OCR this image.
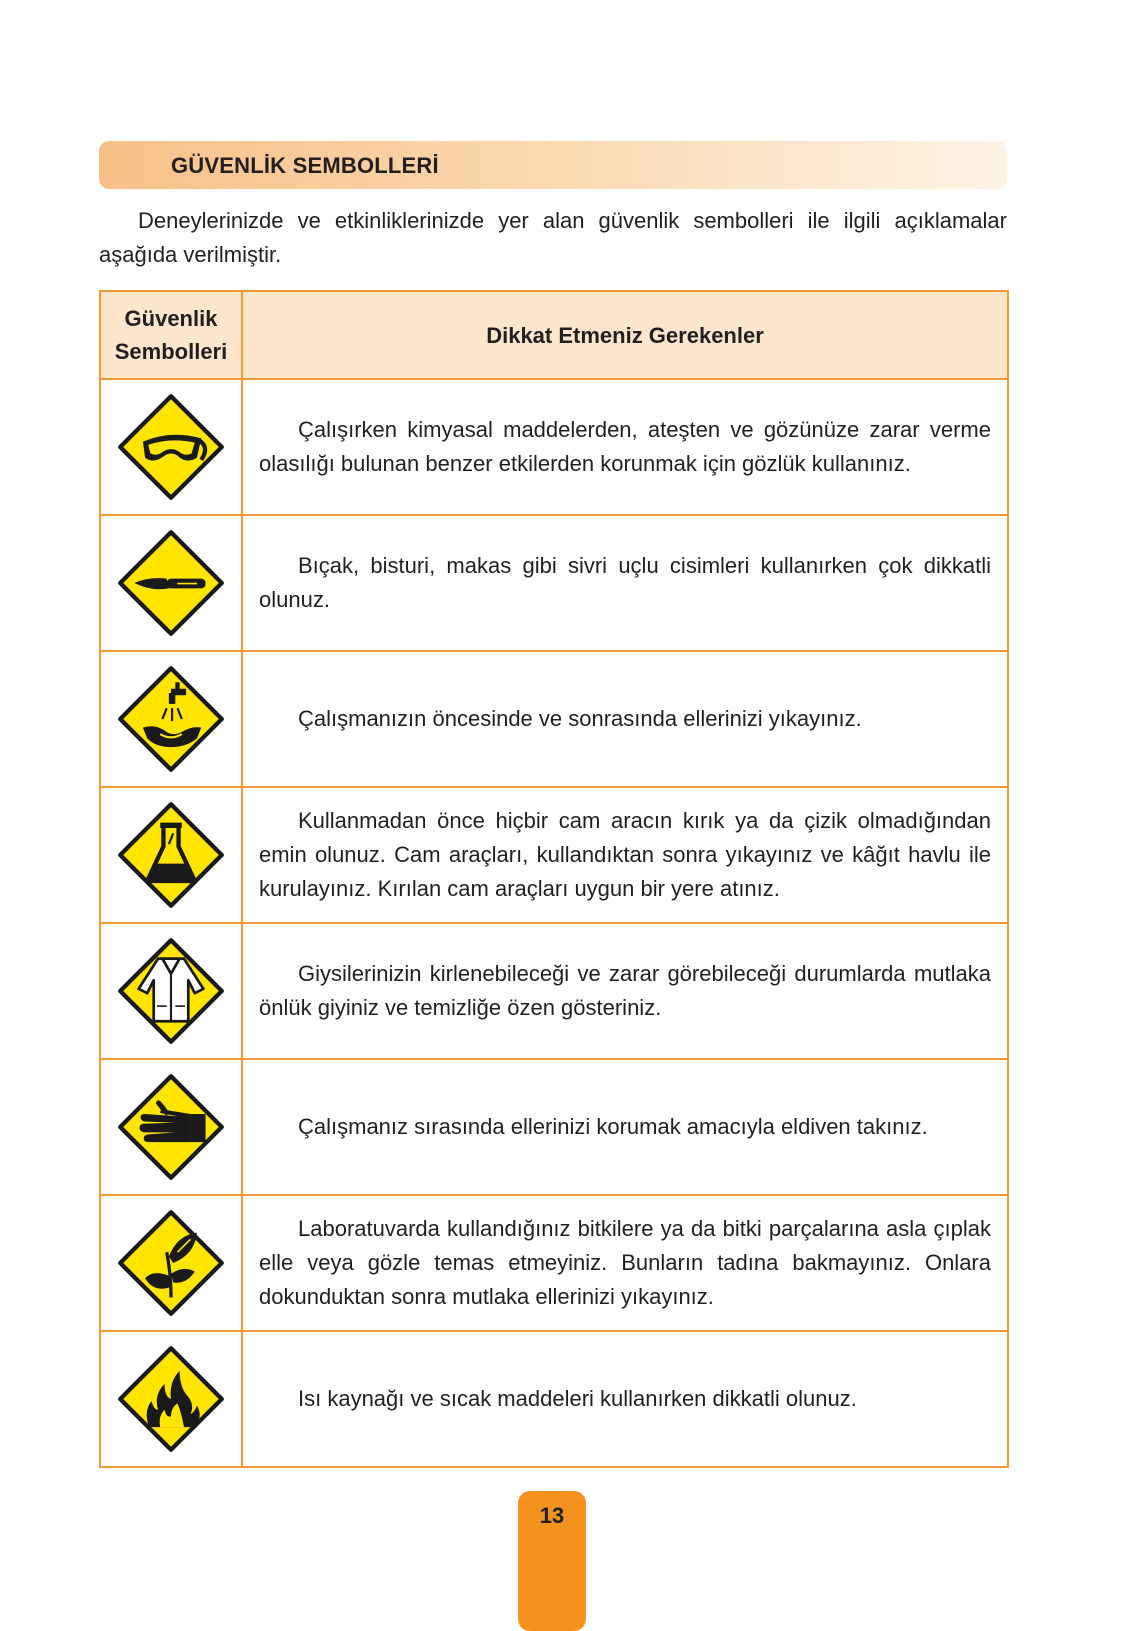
GÜVENLİK SEMBOLLERİ

Deneylerinizde ve etkinliklerinizde yer alan güvenlik sembolleri ile ilgili açıklamalar aşağıda verilmiştir.

Güvenlik
Sembolleri	Dikkat Etmeniz Gerekenler

Çalışırken kimyasal maddelerden, ateşten ve gözünüze zarar verme olasılığı bulunan benzer etkilerden korunmak için gözlük kullanınız.

Bıçak, bisturi, makas gibi sivri uçlu cisimleri kullanırken çok dikkatli olunuz.

Çalışmanızın öncesinde ve sonrasında ellerinizi yıkayınız.

Kullanmadan önce hiçbir cam aracın kırık ya da çizik olmadığından emin olunuz. Cam araçları, kullandıktan sonra yıkayınız ve kâğıt havlu ile kurulayınız. Kırılan cam araçları uygun bir yere atınız.

Giysilerinizin kirlenebileceği ve zarar görebileceği durumlarda mutlaka önlük giyiniz ve temizliğe özen gösteriniz.

Çalışmanız sırasında ellerinizi korumak amacıyla eldiven takınız.

Laboratuvarda kullandığınız bitkilere ya da bitki parçalarına asla çıplak elle veya gözle temas etmeyiniz. Bunların tadına bakmayınız. Onlara dokunduktan sonra mutlaka ellerinizi yıkayınız.

Isı kaynağı ve sıcak maddeleri kullanırken dikkatli olunuz.

13
